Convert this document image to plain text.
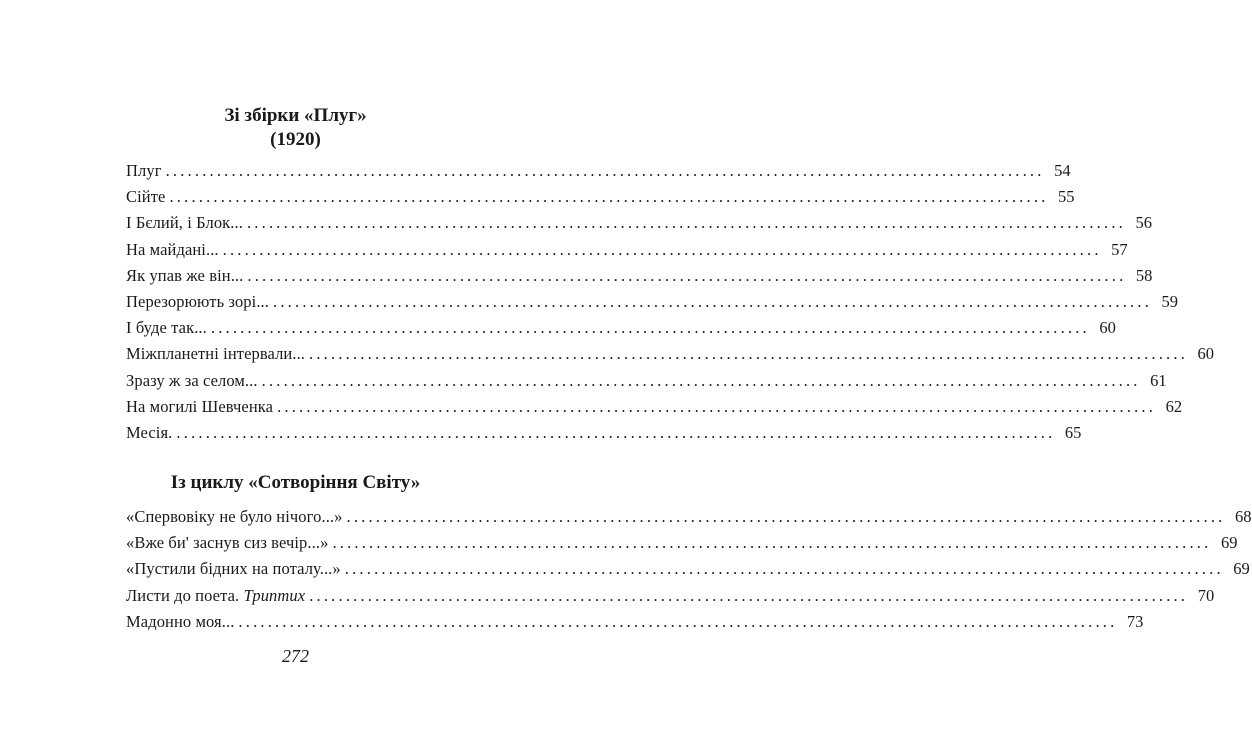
Зі збірки «Плуг»
(1920)
Плуг ........................................................................................................................ 54
Сійте ........................................................................................................................ 55
І Бєлий, і Блок... ........................................................................................................................ 56
На майдані... ........................................................................................................................ 57
Як упав же він... ........................................................................................................................ 58
Перезорюють зорі... ........................................................................................................................ 59
І буде так... ........................................................................................................................ 60
Міжпланетні інтервали... ........................................................................................................................ 60
Зразу ж за селом... ........................................................................................................................ 61
На могилі Шевченка ........................................................................................................................ 62
Месія. ........................................................................................................................ 65
Із циклу «Сотворіння Світу»
«Спервовіку не було нічого...» ........................................................................................................................ 68
«Вже би' заснув сиз вечір...» ........................................................................................................................ 69
«Пустили бідних на поталу...» ........................................................................................................................ 69
Листи до поета. Триптих ........................................................................................................................ 70
Мадонно моя... ........................................................................................................................ 73
272
